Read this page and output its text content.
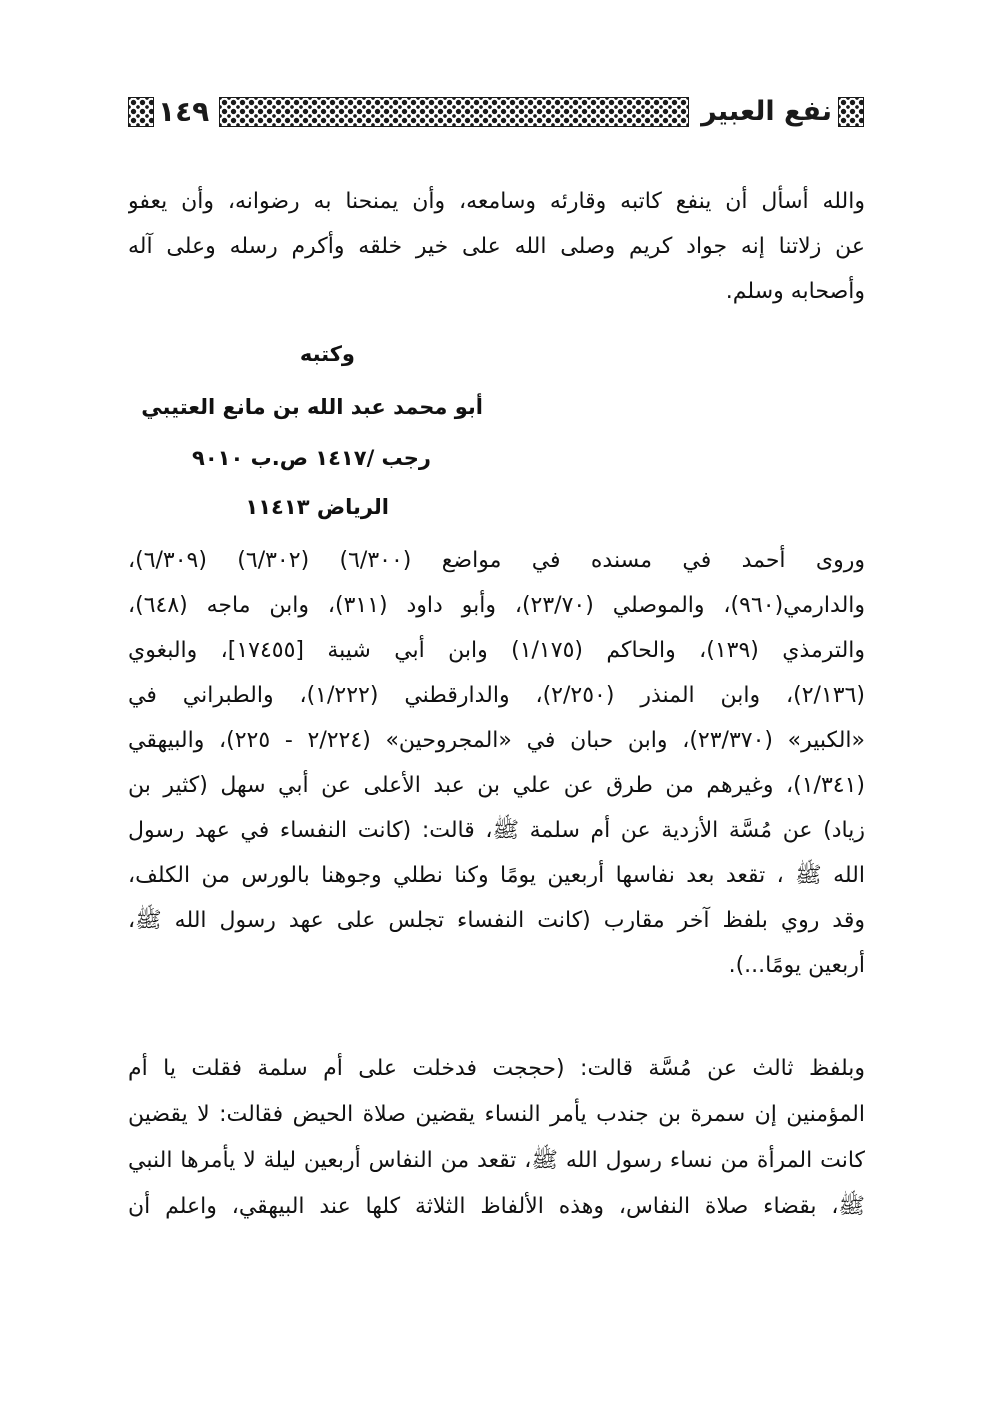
١٤٩	نفع العبير
والله أسأل أن ينفع كاتبه وقارئه وسامعه، وأن يمنحنا به رضوانه، وأن يعفو
عن زلاتنا إنه جواد كريم وصلى الله على خير خلقه وأكرم رسله وعلى آله
وأصحابه وسلم.
وكتبه
أبو محمد عبد الله بن مانع العتيبي
رجب /١٤١٧ ص.ب ٩٠١٠
الرياض ١١٤١٣
وروى أحمد في مسنده في مواضع (٦/٣٠٠) (٦/٣٠٢) (٦/٣٠٩)،
والدارمي(٩٦٠)، والموصلي (٢٣/٧٠)، وأبو داود (٣١١)، وابن ماجه (٦٤٨)،
والترمذي (١٣٩)، والحاكم (١/١٧٥) وابن أبي شيبة [١٧٤٥٥]، والبغوي
(٢/١٣٦)، وابن المنذر (٢/٢٥٠)، والدارقطني (١/٢٢٢)، والطبراني في
«الكبير» (٢٣/٣٧٠)، وابن حبان في «المجروحين» (٢/٢٢٤ - ٢٢٥)، والبيهقي
(١/٣٤١)، وغيرهم من طرق عن علي بن عبد الأعلى عن أبي سهل (كثير بن
زياد) عن مُسَّة الأزدية عن أم سلمة ﷺ، قالت: (كانت النفساء في عهد رسول
الله ﷺ ، تقعد بعد نفاسها أربعين يومًا وكنا نطلي وجوهنا بالورس من الكلف،
وقد روي بلفظ آخر مقارب (كانت النفساء تجلس على عهد رسول الله ﷺ،
أربعين يومًا...).
وبلفظ ثالث عن مُسَّة قالت: (حججت فدخلت على أم سلمة فقلت يا أم
المؤمنين إن سمرة بن جندب يأمر النساء يقضين صلاة الحيض فقالت: لا يقضين
كانت المرأة من نساء رسول الله ﷺ، تقعد من النفاس أربعين ليلة لا يأمرها النبي
ﷺ، بقضاء صلاة النفاس، وهذه الألفاظ الثلاثة كلها عند البيهقي، واعلم أن
